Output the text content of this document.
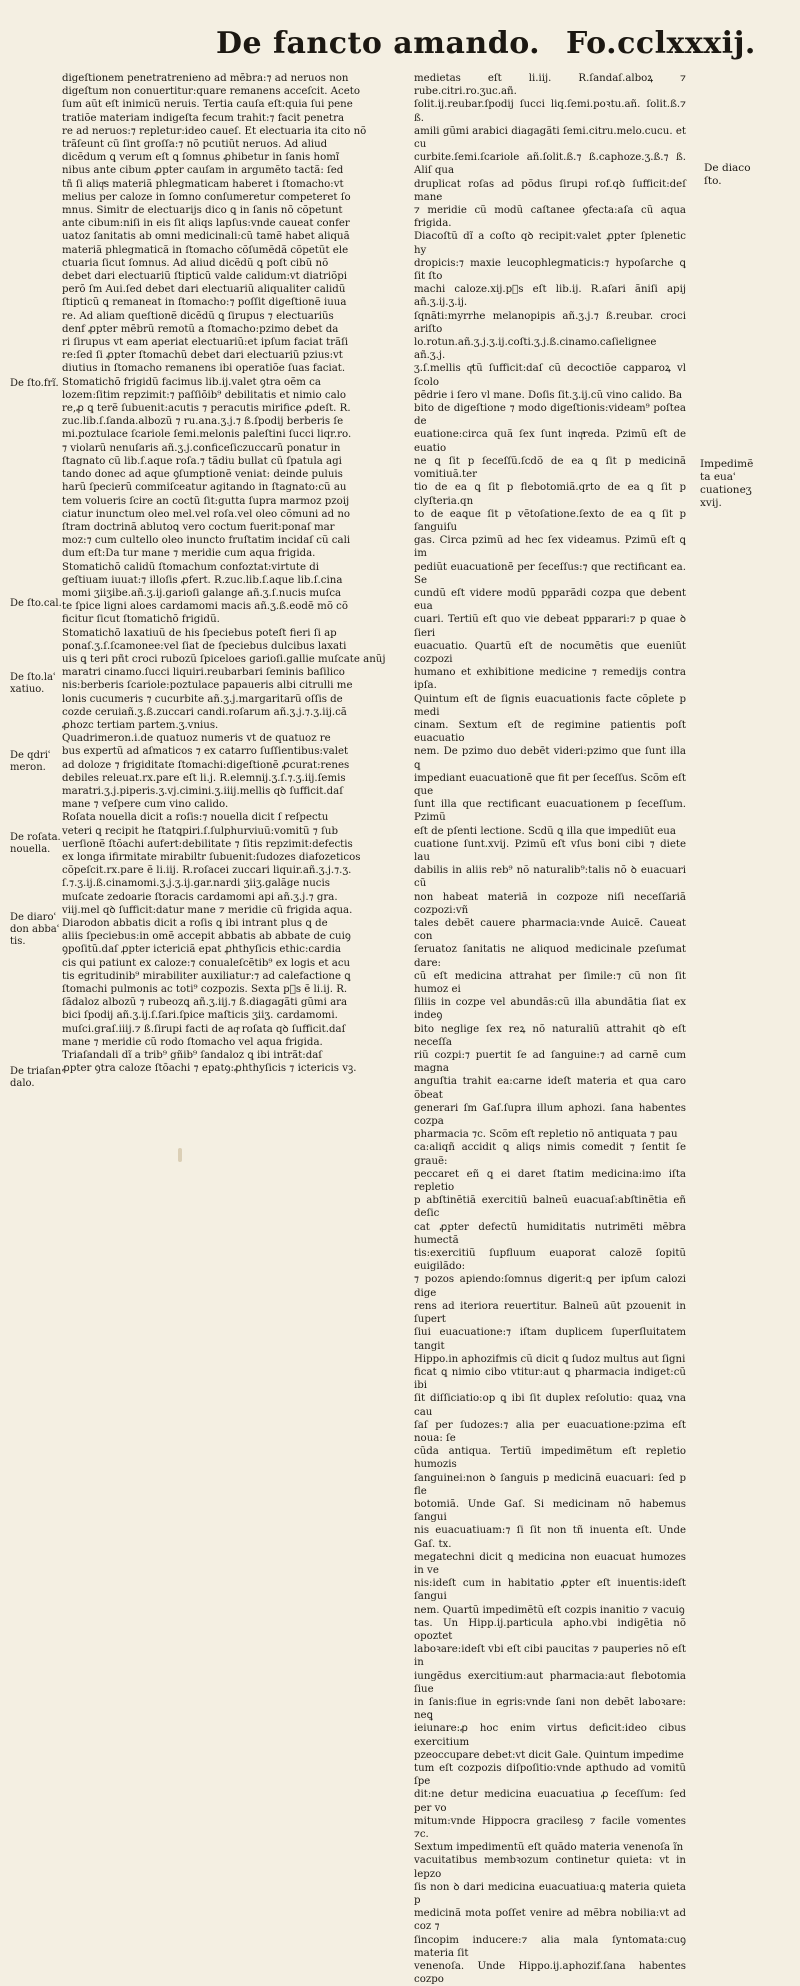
De fancto amando. Fo.cclxxxij.
digeſtionem penetratrenieno ad mẽbra:⁊ ad neruos non
digeſtum non conuertitur:quare remanens acceſcit. Aceto
ſum aũt eſt inimicũ neruis. Tertia cauſa eſt:quia ſui pene
tratiõe materiam indigeſta fecum trahit:⁊ facit penetra
re ad neruos:⁊ repletur:ideo caueſ. Et electuaria ita cito nõ
trãſeunt cũ ſint groſſa:⁊ nõ pcutiũt neruos. Ad aliud
dicẽdum ꝗ verum eſt ꝗ ſomnus ꝓhibetur in ſanis homĩ
nibus ante cibum ꝓpter cauſam in argumẽto tactã: ſed
tñ ſi aliqͣs materiã phlegmaticam haberet i ſtomacho:vt
melius per caloze in ſomno conſumeretur competeret ſo
mnus. Simitr de electuarijs dico ꝗ in ſanis nõ cõpetunt
ante cibum:niſi in eis ſit aliqs lapſus:vnde caueat confer
uatoz ſanitatis ab omni medicinali:cũ tamẽ habet aliquã
materiã phlegmaticã in ſtomacho cõſumẽdã cõpetũt ele
ctuaria ſicut ſomnus. Ad aliud dicẽdũ ꝗ poſt cibũ nõ
debet dari electuariũ ſtipticũ valde calidum:vt diatriõpi
perõ ſm Aui.ſed debet dari electuariũ aliqualiter calidũ
ſtipticũ ꝗ remaneat in ſtomacho:⁊ poſſit digeſtionẽ iuua
re. Ad aliam queſtionẽ dicẽdũ ꝗ ſirupus ⁊ electuariũs
denf ꝓpter mẽbrũ remotũ a ſtomacho:pzimo debet da
ri ſirupus vt eam aperiat electuariũ:et ipſum faciat trãſi
re:ſed ſi ꝓpter ſtomachũ debet dari electuariũ pzius:vt
diutius in ſtomacho remanens ibi operatiõe ſuas faciat.
Stomatichõ frigidũ facimus lib.ij.valet ꝯtra oẽm ca
lozem:ſitim repzimit:⁊ paſſiõib⁹ debilitatis et nimio calo
re,ꝓ ꝗ terẽ ſubuenit:acutis ⁊ peracutis mirifice ꝓdeſt. R.
zuc.lib.ſ.ſanda.albozũ ⁊ ru.ana.ʒ.j.⁊ ß.ſpodij berberis ſe
mi.poztulace ſcariole ſemi.melonis paleſtini ſucci liqr.ro.
⁊ violarũ nenuſaris añ.ʒ.j.conficeſiczuccarũ ponatur in
ſtagnato cũ lib.ſ.aque roſa.⁊ tãdiu bullat cũ ſpatula agi
tando donec ad aque ꝯſumptionẽ veniat: deinde puluis
harũ ſpecierũ commiſceatur agitando in ſtagnato:cũ au
tem volueris ſcire an coctũ ſit:gutta ſupra marmoz pzoij
ciatur inunctum oleo mel.vel roſa.vel oleo cõmuni ad no
ſtram doctrinã ablutoꝗ vero coctum fuerit:ponaſ mar
moz:⁊ cum cultello oleo inuncto fruſtatim incidaſ cũ cali
dum eſt:Da tur mane ⁊ meridie cum aqua frigida.
Stomatichõ calidũ ſtomachum confoztat:virtute di
geſtiuam iuuat:⁊ illoſis ꝓfert. R.zuc.lib.ſ.aque lib.ſ.cina
momi ʒiiʒibe.añ.ʒ.ij.garioſi galange añ.ʒ.ſ.nucis muſca
te ſpice ligni aloes cardamomi macis añ.ʒ.ß.eodẽ mõ cõ
ficitur ſicut ſtomatichõ frigidũ.
Stomatichõ laxatiuũ de his ſpeciebus poteſt fieri ſi ap
ponaſ.ʒ.ſ.ſcamonee:vel ſiat de ſpeciebus dulcibus laxati
uis ꝗ teri pñt croci rubozũ ſpiceloes garioſi.gallie muſcate anũj
maratri cinamo.ſucci liquiri.reubarbari ſeminis baſilico
nis:berberis ſcariole:poztulace papaueris albi citrulli me
lonis cucumeris ⁊ cucurbite añ.ʒ.j.margaritarũ oſſis de
cozde ceruiañ.ʒ.ß.zuccari candi.roſarum añ.ʒ.j.⁊.ʒ.iij.cã
ꝓhozc tertiam partem.ʒ.vnius.
Quadrimeron.i.de quatuoz numeris vt de quatuoz re
bus expertũ ad aſmaticos ⁊ ex catarro ſuſſientibus:valet
ad doloze ⁊ frigiditate ſtomachi:digeſtionẽ ꝓcurat:renes
debiles releuat.rx.pare eſt li.j. R.elemnij.ʒ.ſ.⁊.ʒ.iij.ſemis
maratri.ʒ.j.piperis.ʒ.vj.cimini.ʒ.iiij.mellis qꝺ ſufficit.daſ
mane ⁊ veſpere cum vino calido.
Roſata nouella dicit a roſis:⁊ nouella dicit ſ reſpectu
veteri ꝗ recipit he ſtatꝗpiri.ſ.ſulphurviuũ:vomitũ ⁊ ſub
uerſionẽ ſtõachi aufert:debilitate ⁊ ſitis repzimit:defectis
ex longa ifirmitate mirabiltr ſubuenit:ſudozes diafozeticos
cõpeſcit.rx.pare ẽ li.iij. R.roſacei zuccari liquir.añ.ʒ.j.⁊.ʒ.
ſ.⁊.ʒ.ij.ß.cinamomi.ʒ.j.ʒ.ij.gar.nardi ʒiiʒ.galãge nucis
muſcate zedoarie ſtoracis cardamomi api añ.ʒ.j.⁊ gra.
viij.mel qꝺ ſufficit:datur mane ⁊ meridie cũ frigida aqua.
Diarodon abbatis dicit a roſis ꝗ ibi intrant plus ꝗ de
aliis ſpeciebus:in omẽ accepit abbatis ab abbate de cuiꝯ
ꝯpoſitũ.daſ ꝓpter ictericiã epat ꝓhthyſicis ethic:cardia
cis qui patiunt ex caloze:⁊ conualeſcẽtib⁹ ex logis et acu
tis egritudinib⁹ mirabiliter auxiliatur:⁊ ad calefactione ꝗ
ſtomachi pulmonis ac toti⁹ cozpozis. Sexta pᷣs ẽ li.ij. R.
ſãdaloz albozũ ⁊ rubeozꝗ añ.ʒ.iij.⁊ ß.diagagãti gũmi ara
bici ſpodij añ.ʒ.ij.ſ.ſari.ſpice maſticis ʒiiʒ. cardamomi.
muſci.graſ.iiij.⁊ ß.ſirupi facti de aqͣ roſata qꝺ ſufficit.daſ
mane ⁊ meridie cũ rodo ſtomacho vel aqua frigida.
Triaſandali dĩ a trib⁹ gñib⁹ ſandaloz ꝗ ibi intrãt:daſ
ꝓpter ꝯtra caloze ſtõachi ⁊ epatꝯ:ꝓhthyſicis ⁊ ictericis vꝫ.
medietas eſt li.iij. R.ſandaſ.alboꝝ ⁊ rube.citri.ro.ʒuc.añ.
ſolit.ij.reubar.ſpodij ſucci liq.ſemi.poꝛtu.añ. ſolit.ß.⁊ ß.
amili gũmi arabici diagagãti ſemi.citru.melo.cucu. et cu
curbite.ſemi.ſcariole añ.ſolit.ß.⁊ ß.caphoze.ʒ.ß.⁊ ß. Aliſ qua
druplicat roſas ad põdus ſirupi rof.qꝺ ſufficit:deſ mane
⁊ meridie cũ modũ caſtanee ꝯfecta:aſa cũ aqua frigida.
Diacoſtũ dĩ a coſto qꝺ recipit:valet ꝓpter ſplenetic hy
dropicis:⁊ maxie leucophlegmaticis:⁊ hypoſarche ꝗ ſit ſto
machi caloze.xij.pᷣs eſt lib.ij. R.aſari ãniſi apij añ.ʒ.ij.ʒ.ij.
ſqnãti:myrrhe melanopipis añ.ʒ.j.⁊ ß.reubar. croci ariſto
lo.rotun.añ.ʒ.j.ʒ.ij.coſti.ʒ.j.ß.cinamo.caſielignee añ.ʒ.j.
ʒ.ſ.mellis qͣtũ ſufficit:daſ cũ decoctiõe capparoꝝ vl ſcolo
pẽdrie i ſero vl mane. Doſis ſit.ʒ.ij.cũ vino calido. Ba
bito de digeſtione ⁊ modo digeſtionis:videam⁹ poſtea de
euatione:circa quã ſex ſunt inqͣreda. Pzimũ eſt de euatio
ne ꝗ ſit p ſeceſſũ.ſcdõ de ea ꝗ ſit p medicinã vomitiuã.ter
tio de ea ꝗ ſit p flebotomiã.qrto de ea ꝗ ſit p clyſteria.qn
to de eaꝗue ſit p vẽtoſatione.ſexto de ea ꝗ ſit p ſanguiſu
gas. Circa pzimũ ad hec ſex videamus. Pzimũ eſt ꝗ im
pediũt euacuationẽ per ſeceſſus:⁊ que rectificant ea. Se
cundũ eſt videre modũ pᵱparãdi cozpa que debent eua
cuari. Tertiũ eſt quo vie debeat pᵱparari:⁊ p quae ꝺ ſieri
euacuatio. Quartũ eſt de nocumẽtis que eueniũt cozpozi
humano et exhibitione medicine ⁊ remedijs contra ipſa.
Quintum eſt de ſignis euacuationis facte cõplete p medi
cinam. Sextum eſt de regimine patientis poſt euacuatio
nem. De pzimo duo debẽt videri:pzimo que ſunt illa ꝗ
impediant euacuationẽ que fit per ſeceſſus. Scõm eſt que
ſunt illa que rectificant euacuationem p ſeceſſum. Pzimũ
eſt de pſenti lectione. Scdũ ꝗ illa que impediũt eua
cuatione ſunt.xvij. Pzimũ eſt vſus boni cibi ⁊ diete lau
dabilis in aliis reb⁹ nõ naturalib⁹:talis nõ ꝺ euacuari cũ
non habeat materiã in cozpoze niſi neceſſariã cozpozi:vñ
tales debẽt cauere pharmacia:vnde Auicẽ. Caueat con
ſeruatoz ſanitatis ne aliquod medicinale pzeſumat dare:
cũ eſt medicina attrahat per ſimile:⁊ cũ non ſit humoz ei
ſiliis in cozpe vel abundãs:cũ illa abundãtia ſiat ex indeꝯ
bito neglige ſex reꝝ nõ naturaliũ attrahit qꝺ eſt neceſſa
riũ cozpi:⁊ puertit ſe ad ſanguine:⁊ ad carnẽ cum magna
anguſtia trahit ea:carne ideſt materia et qua caro õbeat
generari ſm Gaſ.ſupra illum aphozi. ſana habentes cozpa
pharmacia ⁊c. Scõm eſt repletio nõ antiquata ⁊ pau
ca:aliqñ accidit ꝗ aliqs nimis comedit ⁊ ſentit ſe grauẽ:
peccaret eñ ꝗ ei daret ſtatim medicina:imo iſta repletio
p abſtinẽtiã exercitiũ balneũ euacuaſ:abſtinẽtia eñ deſic
cat ꝓpter defectũ humiditatis nutrimẽti mẽbra humectã
tis:exercitiũ ſupfluum euaporat calozẽ ſopitũ euigilãdo:
⁊ pozos apiendo:ſomnus digerit:ꝗ per ipſum calozi dige
rens ad iteriora reuertitur. Balneũ aũt pzouenit in ſupert
ſiui euacuatione:⁊ iſtam duplicem ſuperſluitatem tangit
Hippo.in aphozifmis cũ dicit ꝗ ſudoz multus aut ſigni
ficat ꝗ nimio cibo vtitur:aut ꝗ pharmacia indiget:cũ ibi
ſit diſſiciatio:op ꝗ ibi ſit duplex reſolutio: quaꝝ vna cau
ſaſ per ſudozes:⁊ alia per euacuatione:pzima eſt noua: ſe
cũda antiqua. Tertiũ impedimẽtum eſt repletio humozis
ſanguinei:non ꝺ ſanguis p medicinã euacuari: ſed p fle
botomiã. Unde Gaſ. Si medicinam nõ habemus ſangui
nis euacuatiuam:⁊ ſi ſit non tñ inuenta eſt. Unde Gaſ. tx.
megatechni dicit ꝗ medicina non euacuat humozes in ve
nis:ideſt cum in habitatio ꝓpter eſt inuentis:ideſt ſangui
nem. Quartũ impedimẽtũ eſt cozpis inanitio ⁊ vacuiꝯ
tas. Un Hipp.ij.particula apho.vbi indigẽtia nõ opoztet
laboꝛare:ideſt vbi eſt cibi paucitas ⁊ pauperies nõ eſt in
iungẽdus exercitium:aut pharmacia:aut flebotomia ſiue
in ſanis:ſiue in egris:vnde ſani non debẽt laboꝛare: neꝗ
ieiunare:ꝓ hoc enim virtus deficit:ideo cibus exercitium
pzeoccupare debet:vt dicit Gale. Quintum impedime
tum eſt cozpozis diſpoſitio:vnde apthudo ad vomitũ ſpe
dit:ne detur medicina euacuatiua ꝓ ſeceſſum: ſed per vo
mitum:vnde Hippocra gracilesꝯ ⁊ facile vomentes ⁊c.
Sextum impedimentũ eſt quãdo materia venenoſa ĩn
vacuitatibus membꝛozum continetur quieta: vt in lepzo
ſis non ꝺ dari medicina euacuatiua:ꝗ materia quieta p
medicinã mota poſſet venire ad mẽbra nobilia:vt ad coz ⁊
ſincopim inducere:⁊ alia mala ſyntomata:cuꝯ materia ſit
venenoſa. Unde Hippo.ij.aphozif.ſana habentes cozpo
De ſto.frĩ.
De ſto.cal.
De ſto.laʿ
xatiuo.
De qdriʿ
meron.
De roſata.
nouella.
De diaroʿ
don abbaʿ
tis.
De triaſan
dalo.
De diaco
ſto.
Impedimẽ
ta euaʿ
cuationeʒ
xvij.
